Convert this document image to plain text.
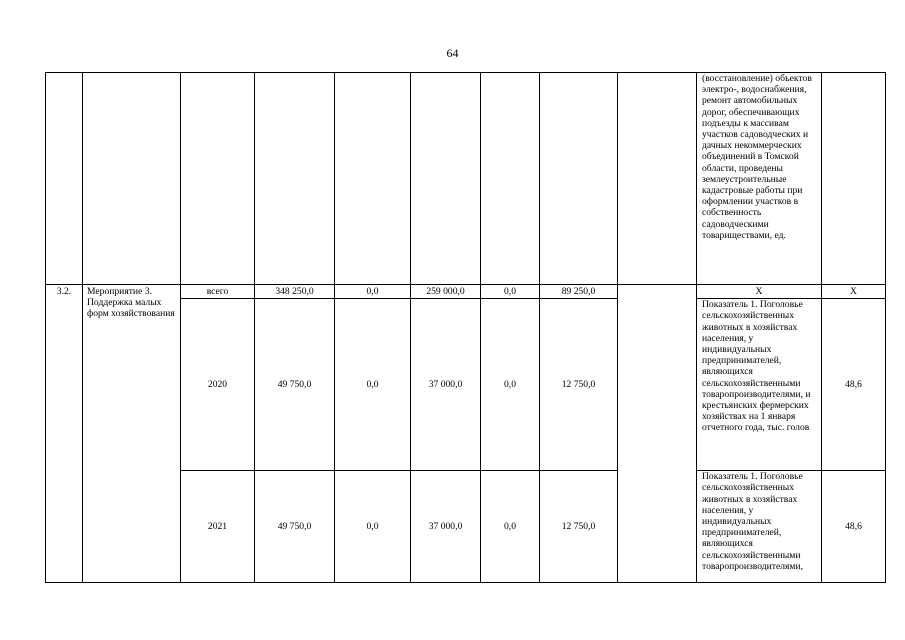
64
									(восстановление) объектов электро-, водоснабжения, ремонт автомобильных дорог, обеспечивающих подъезды к массивам участков садоводческих и дачных некоммерческих объединений в Томской области, проведены землеустроительные кадастровые работы при оформлении участков в собственность садоводческими товариществами, ед.	
3.2.	Мероприятие 3. Поддержка малых форм хозяйствования	всего	348 250,0	0,0	259 000,0	0,0	89 250,0		X	X
		2020	49 750,0	0,0	37 000,0	0,0	12 750,0		Показатель 1. Поголовье сельскохозяйственных животных в хозяйствах населения, у индивидуальных предпринимателей, являющихся сельскохозяйственными товаропроизводителями, и крестьянских фермерских хозяйствах на 1 января отчетного года, тыс. голов	48,6
		2021	49 750,0	0,0	37 000,0	0,0	12 750,0		Показатель 1. Поголовье сельскохозяйственных животных в хозяйствах населения, у индивидуальных предпринимателей, являющихся сельскохозяйственными товаропроизводителями,	48,6
